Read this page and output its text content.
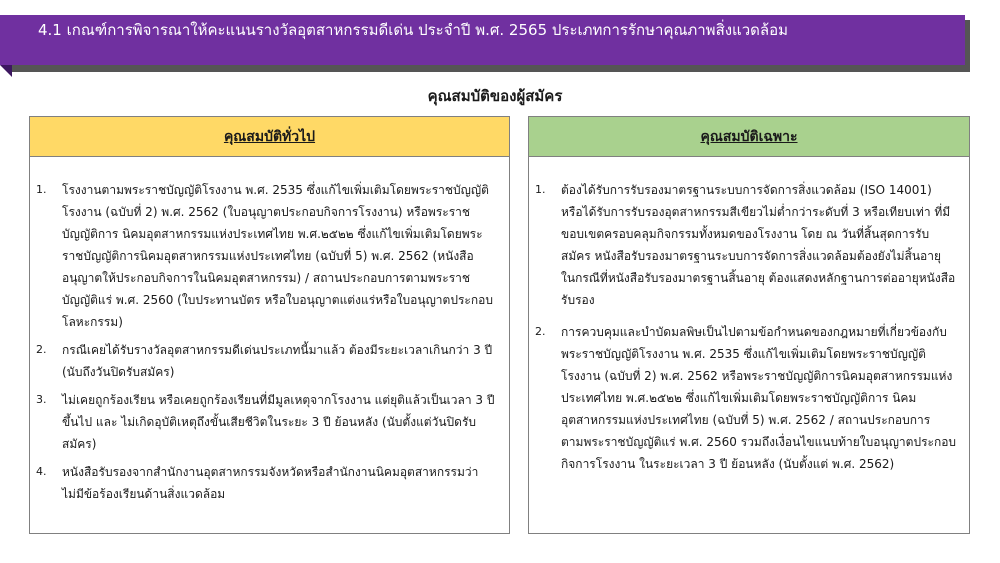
4.1 เกณฑ์การพิจารณาให้คะแนนรางวัลอุตสาหกรรมดีเด่น ประจำปี พ.ศ. 2565 ประเภทการรักษาคุณภาพสิ่งแวดล้อม
คุณสมบัติของผู้สมัคร
คุณสมบัติทั่วไป
1. โรงงานตามพระราชบัญญัติโรงงาน พ.ศ. 2535 ซึ่งแก้ไขเพิ่มเติมโดยพระราชบัญญัติโรงงาน (ฉบับที่ 2) พ.ศ. 2562 (ใบอนุญาตประกอบกิจการโรงงาน) หรือพระราชบัญญัติการ นิคมอุตสาหกรรมแห่งประเทศไทย พ.ศ.๒๕๒๒ ซึ่งแก้ไขเพิ่มเติมโดยพระราชบัญญัติการนิคมอุตสาหกรรมแห่งประเทศไทย (ฉบับที่ 5) พ.ศ. 2562 (หนังสืออนุญาตให้ประกอบกิจการในนิคมอุตสาหกรรม) / สถานประกอบการตามพระราชบัญญัติแร่ พ.ศ. 2560 (ใบประทานบัตร หรือใบอนุญาตแต่งแร่หรือใบอนุญาตประกอบโลหะกรรม)
2. กรณีเคยได้รับรางวัลอุตสาหกรรมดีเด่นประเภทนี้มาแล้ว ต้องมีระยะเวลาเกินกว่า 3 ปี (นับถึงวันปิดรับสมัคร)
3. ไม่เคยถูกร้องเรียน หรือเคยถูกร้องเรียนที่มีมูลเหตุจากโรงงาน แต่ยุติแล้วเป็นเวลา 3 ปี ขึ้นไป และ ไม่เกิดอุบัติเหตุถึงขั้นเสียชีวิตในระยะ 3 ปี ย้อนหลัง (นับตั้งแต่วันปิดรับสมัคร)
4. หนังสือรับรองจากสำนักงานอุตสาหกรรมจังหวัดหรือสำนักงานนิคมอุตสาหกรรมว่าไม่มีข้อร้องเรียนด้านสิ่งแวดล้อม
คุณสมบัติเฉพาะ
1. ต้องได้รับการรับรองมาตรฐานระบบการจัดการสิ่งแวดล้อม (ISO 14001) หรือได้รับการรับรองอุตสาหกรรมสีเขียวไม่ต่ำกว่าระดับที่ 3 หรือเทียบเท่า ที่มีขอบเขตครอบคลุมกิจกรรมทั้งหมดของโรงงาน โดย ณ วันที่สิ้นสุดการรับสมัคร หนังสือรับรองมาตรฐานระบบการจัดการสิ่งแวดล้อมต้องยังไม่สิ้นอายุ ในกรณีที่หนังสือรับรองมาตรฐานสิ้นอายุ ต้องแสดงหลักฐานการต่ออายุหนังสือรับรอง
2. การควบคุมและบำบัดมลพิษเป็นไปตามข้อกำหนดของกฎหมายที่เกี่ยวข้องกับพระราชบัญญัติโรงงาน พ.ศ. 2535 ซึ่งแก้ไขเพิ่มเติมโดยพระราชบัญญัติโรงงาน (ฉบับที่ 2) พ.ศ. 2562 หรือพระราชบัญญัติการนิคมอุตสาหกรรมแห่งประเทศไทย พ.ศ.๒๕๒๒ ซึ่งแก้ไขเพิ่มเติมโดยพระราชบัญญัติการ นิคมอุตสาหกรรมแห่งประเทศไทย (ฉบับที่ 5) พ.ศ. 2562 / สถานประกอบการตามพระราชบัญญัติแร่ พ.ศ. 2560 รวมถึงเงื่อนไขแนบท้ายใบอนุญาตประกอบกิจการโรงงาน ในระยะเวลา 3 ปี ย้อนหลัง (นับตั้งแต่ พ.ศ. 2562)
